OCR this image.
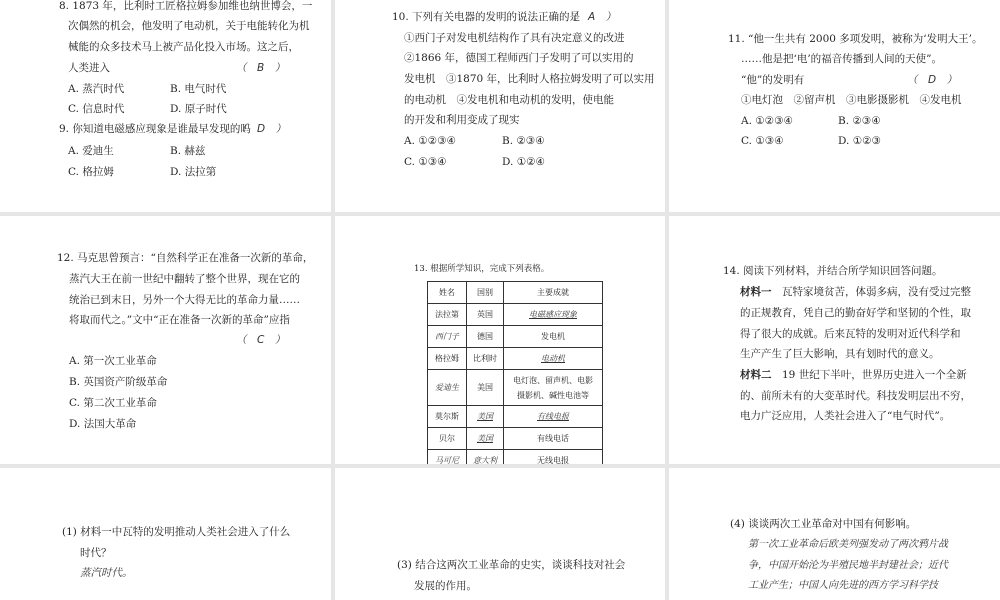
8. 1873 年，比利时工匠格拉姆参加维也纳世博会，一
次偶然的机会，他发明了电动机，关于电能转化为机
械能的众多技术马上被产品化投入市场。这之后，
人类进入	（　B　）
A. 蒸汽时代	B. 电气时代
C. 信息时代	D. 原子时代
9. 你知道电磁感应现象是谁最早发现的吗
（　D　）
A. 爱迪生	B. 赫兹
C. 格拉姆	D. 法拉第
10. 下列有关电器的发明的说法正确的是
（　A　）
①西门子对发电机结构作了具有决定意义的改进
②1866 年，德国工程师西门子发明了可以实用的
发电机　③1870 年，比利时人格拉姆发明了可以实用
的电动机　④发电机和电动机的发明，使电能
的开发和利用变成了现实
A. ①②③④	B. ②③④
C. ①③④	D. ①②④
11. “他一生共有 2000 多项发明，被称为‘发明大王’。
……他是把‘电’的福音传播到人间的天使”。
“他”的发明有	（　D　）
①电灯泡　②留声机　③电影摄影机　④发电机
A. ①②③④	B. ②③④
C. ①③④	D. ①②③
12. 马克思曾预言：“自然科学正在准备一次新的革命，
蒸汽大王在前一世纪中翻转了整个世界，现在它的
统治已到末日，另外一个大得无比的革命力量……
将取而代之。”文中“正在准备一次新的革命”应指
（　C　）
A. 第一次工业革命
B. 英国资产阶级革命
C. 第二次工业革命
D. 法国大革命
13. 根据所学知识，完成下列表格。
姓名	国别	主要成就
法拉第	英国	电磁感应现象
西门子	德国	发电机
格拉姆	比利时	电动机
爱迪生	美国	电灯泡、留声机、电影
摄影机、碱性电池等

莫尔斯	美国	有线电报
贝尔	美国	有线电话
马可尼	意大利	无线电报
14. 阅读下列材料，并结合所学知识回答问题。
材料一　瓦特家境贫苦，体弱多病，没有受过完整
的正规教育，凭自己的勤奋好学和坚韧的个性，取
得了很大的成就。后来瓦特的发明对近代科学和
生产产生了巨大影响，具有划时代的意义。
材料二　19 世纪下半叶，世界历史进入一个全新
的、前所未有的大变革时代。科技发明层出不穷，
电力广泛应用，人类社会进入了“电气时代”。
(1) 材料一中瓦特的发明推动人类社会进入了什么
时代？
蒸汽时代。
(3) 结合这两次工业革命的史实，谈谈科技对社会
发展的作用。
(4) 谈谈两次工业革命对中国有何影响。
第一次工业革命后欧美列强发动了两次鸦片战
争，中国开始沦为半殖民地半封建社会；近代
工业产生；中国人向先进的西方学习科学技
